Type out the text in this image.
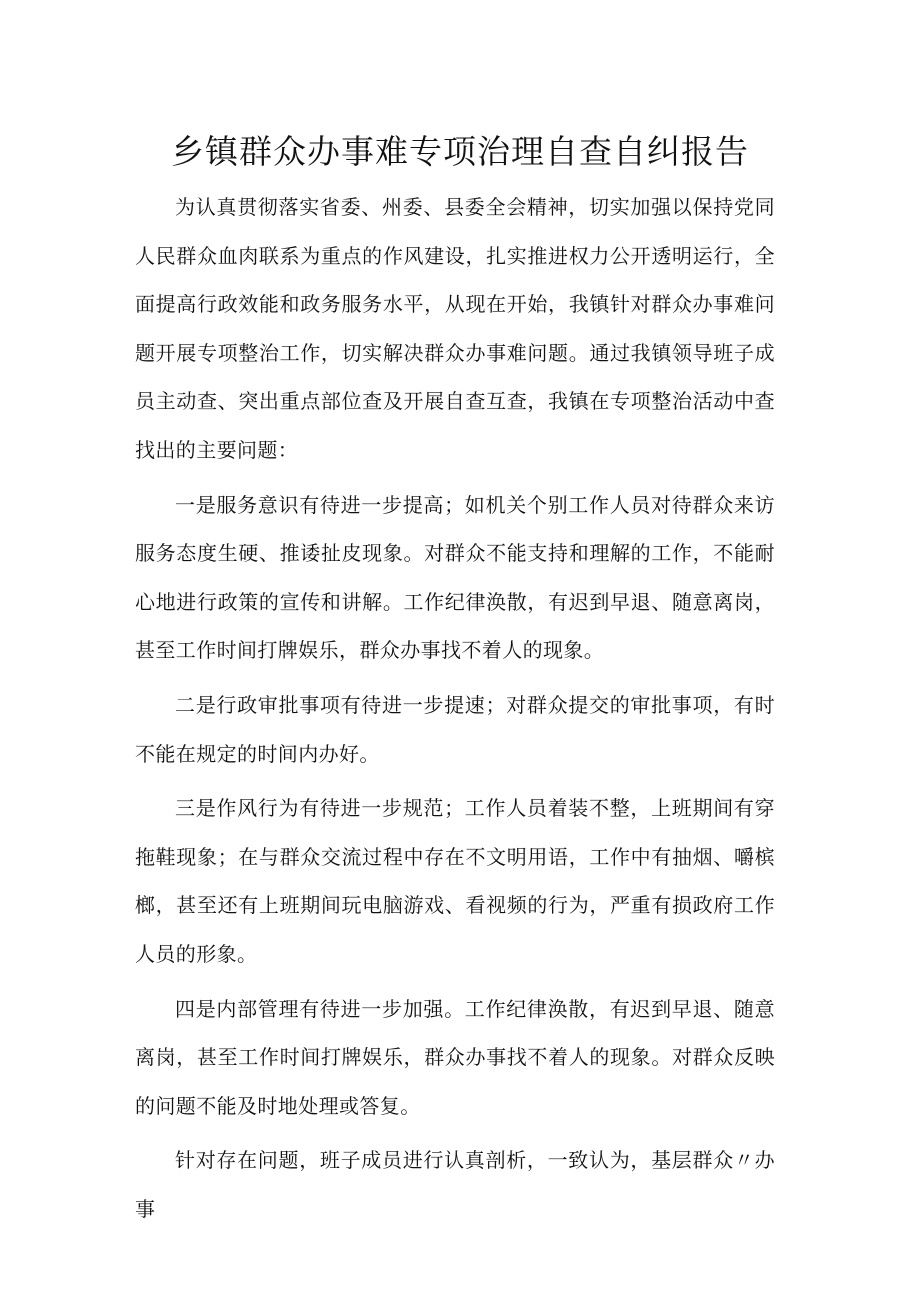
乡镇群众办事难专项治理自查自纠报告

为认真贯彻落实省委、州委、县委全会精神，切实加强以保持党同人民群众血肉联系为重点的作风建设，扎实推进权力公开透明运行，全面提高行政效能和政务服务水平，从现在开始，我镇针对群众办事难问题开展专项整治工作，切实解决群众办事难问题。通过我镇领导班子成员主动查、突出重点部位查及开展自查互查，我镇在专项整治活动中查找出的主要问题：

一是服务意识有待进一步提高；如机关个别工作人员对待群众来访服务态度生硬、推诿扯皮现象。对群众不能支持和理解的工作，不能耐心地进行政策的宣传和讲解。工作纪律涣散，有迟到早退、随意离岗，甚至工作时间打牌娱乐，群众办事找不着人的现象。

二是行政审批事项有待进一步提速；对群众提交的审批事项，有时不能在规定的时间内办好。

三是作风行为有待进一步规范；工作人员着装不整，上班期间有穿拖鞋现象；在与群众交流过程中存在不文明用语，工作中有抽烟、嚼槟榔，甚至还有上班期间玩电脑游戏、看视频的行为，严重有损政府工作人员的形象。

四是内部管理有待进一步加强。工作纪律涣散，有迟到早退、随意离岗，甚至工作时间打牌娱乐，群众办事找不着人的现象。对群众反映的问题不能及时地处理或答复。

针对存在问题，班子成员进行认真剖析，一致认为，基层群众〃办事
